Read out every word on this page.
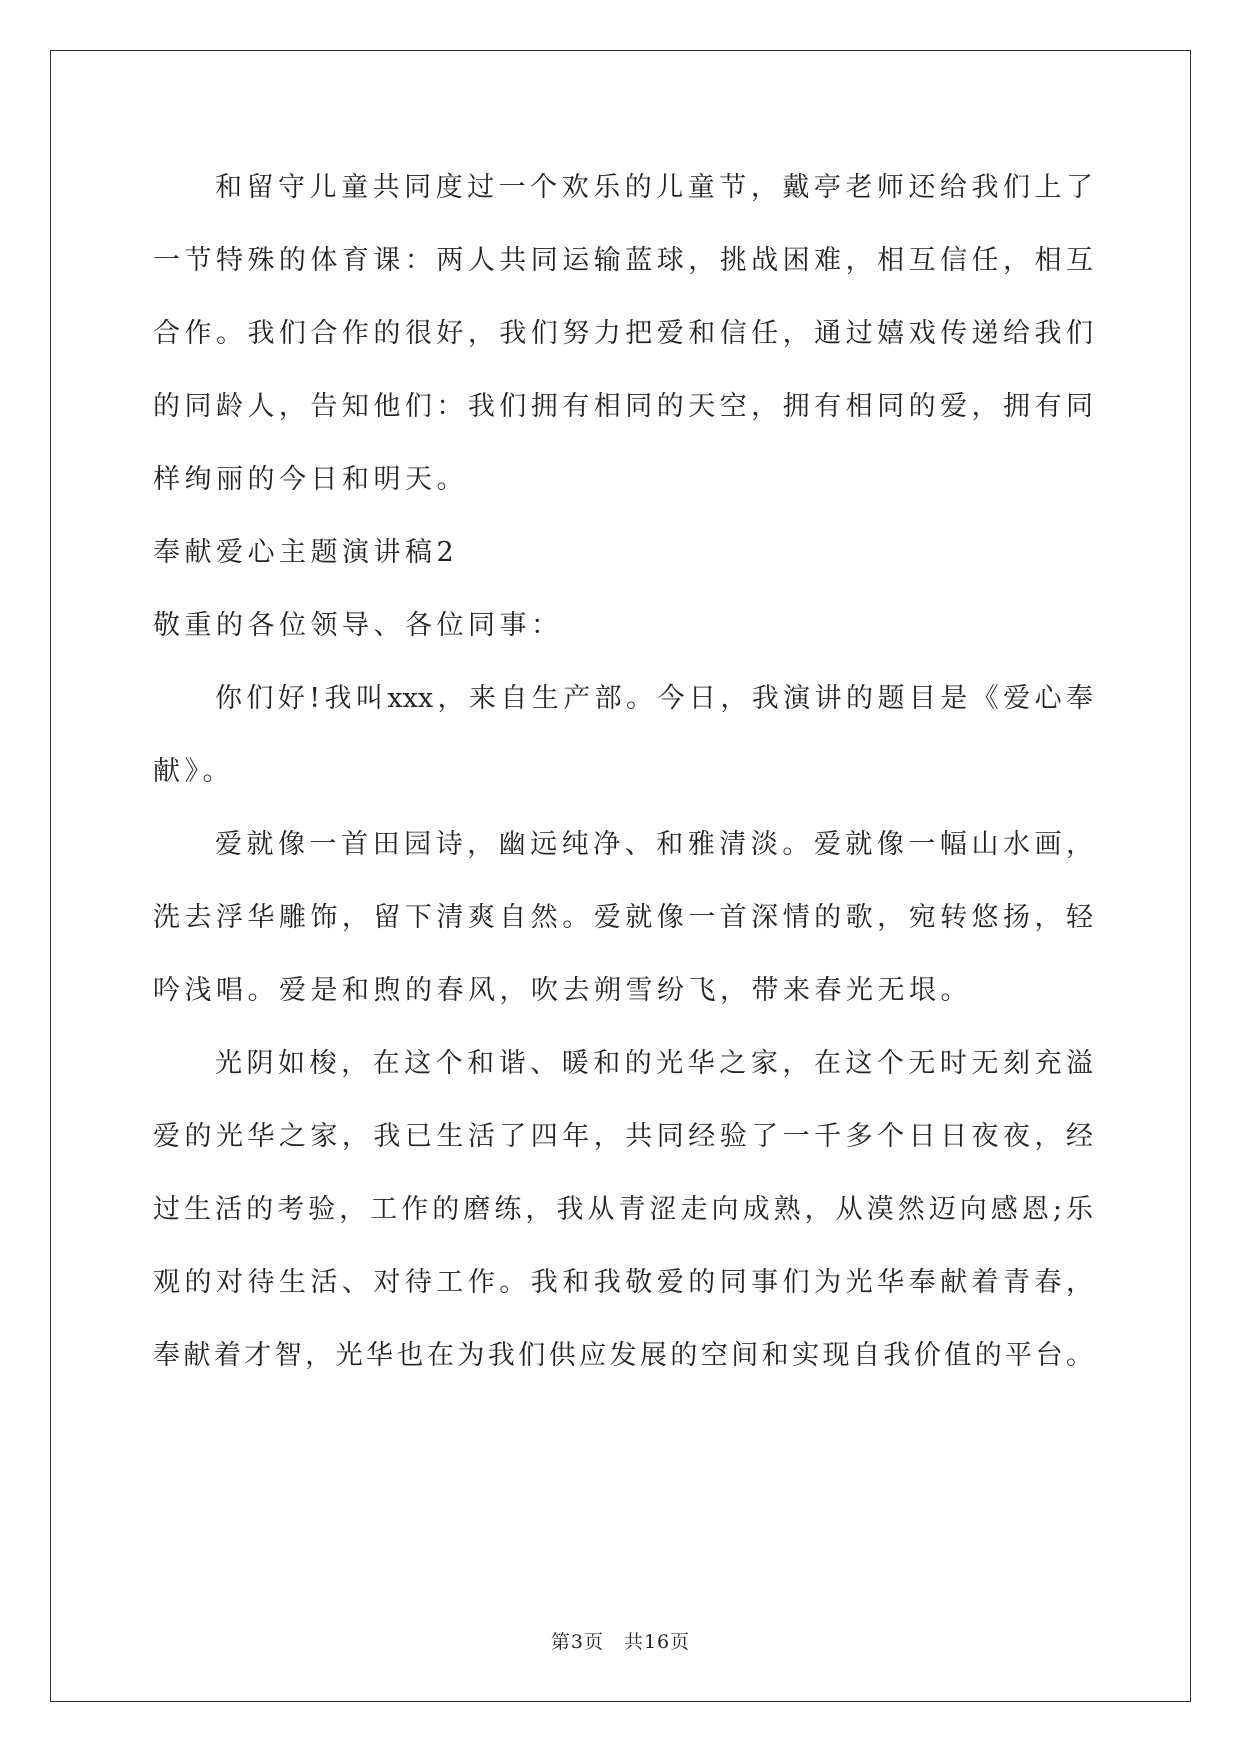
和留守儿童共同度过一个欢乐的儿童节，戴亭老师还给我们上了
一节特殊的体育课：两人共同运输蓝球，挑战困难，相互信任，相互
合作。我们合作的很好，我们努力把爱和信任，通过嬉戏传递给我们
的同龄人，告知他们：我们拥有相同的天空，拥有相同的爱，拥有同
样绚丽的今日和明天。
奉献爱心主题演讲稿2
敬重的各位领导、各位同事：
你们好!我叫xxx，来自生产部。今日，我演讲的题目是《爱心奉
献》。
爱就像一首田园诗，幽远纯净、和雅清淡。爱就像一幅山水画，
洗去浮华雕饰，留下清爽自然。爱就像一首深情的歌，宛转悠扬，轻
吟浅唱。爱是和煦的春风，吹去朔雪纷飞，带来春光无垠。
光阴如梭，在这个和谐、暖和的光华之家，在这个无时无刻充溢
爱的光华之家，我已生活了四年，共同经验了一千多个日日夜夜，经
过生活的考验，工作的磨练，我从青涩走向成熟，从漠然迈向感恩;乐
观的对待生活、对待工作。我和我敬爱的同事们为光华奉献着青春，
奉献着才智，光华也在为我们供应发展的空间和实现自我价值的平台。
第3页　共16页
